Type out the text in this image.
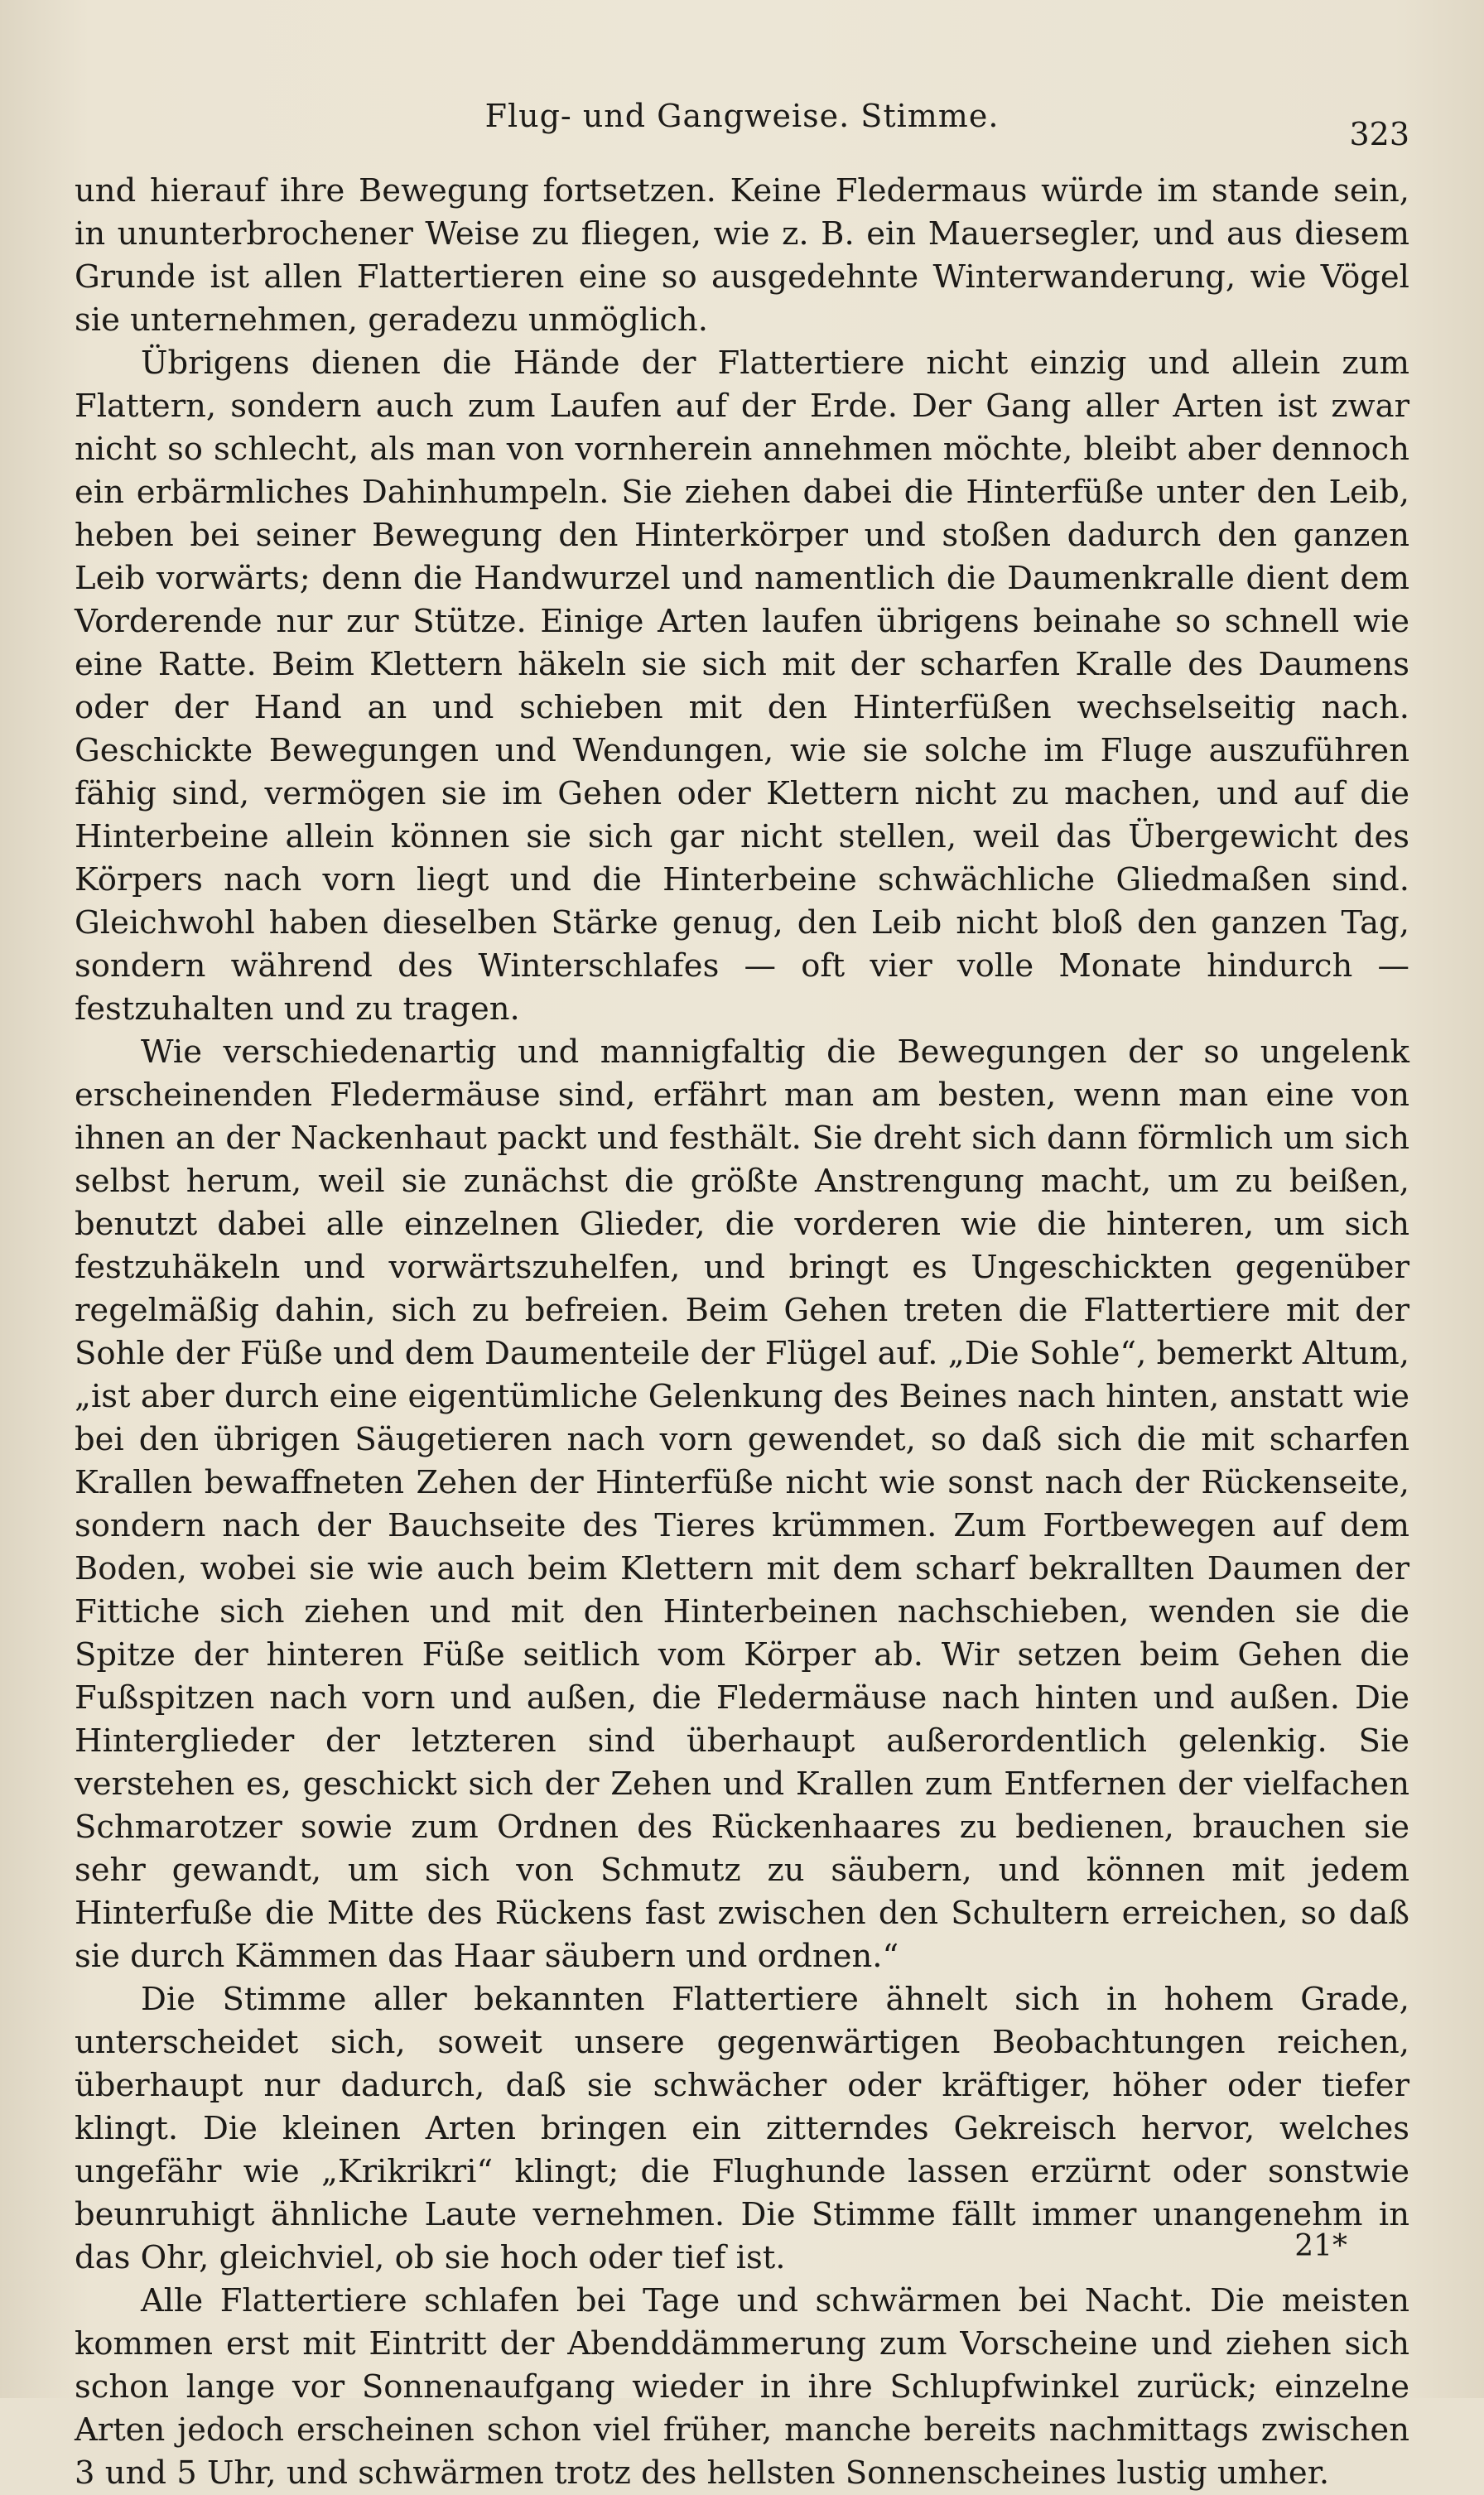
Flug- und Gangweise. Stimme.	323

und hierauf ihre Bewegung fortsetzen. Keine Fledermaus würde im stande sein, in ununterbrochener Weise zu fliegen, wie z. B. ein Mauersegler, und aus diesem Grunde ist allen Flattertieren eine so ausgedehnte Winterwanderung, wie Vögel sie unternehmen, geradezu unmöglich.

Übrigens dienen die Hände der Flattertiere nicht einzig und allein zum Flattern, sondern auch zum Laufen auf der Erde. Der Gang aller Arten ist zwar nicht so schlecht, als man von vornherein annehmen möchte, bleibt aber dennoch ein erbärmliches Dahinhumpeln. Sie ziehen dabei die Hinterfüße unter den Leib, heben bei seiner Bewegung den Hinterkörper und stoßen dadurch den ganzen Leib vorwärts; denn die Handwurzel und namentlich die Daumenkralle dient dem Vorderende nur zur Stütze. Einige Arten laufen übrigens beinahe so schnell wie eine Ratte. Beim Klettern häkeln sie sich mit der scharfen Kralle des Daumens oder der Hand an und schieben mit den Hinterfüßen wechselseitig nach. Geschickte Bewegungen und Wendungen, wie sie solche im Fluge auszuführen fähig sind, vermögen sie im Gehen oder Klettern nicht zu machen, und auf die Hinterbeine allein können sie sich gar nicht stellen, weil das Übergewicht des Körpers nach vorn liegt und die Hinterbeine schwächliche Gliedmaßen sind. Gleichwohl haben dieselben Stärke genug, den Leib nicht bloß den ganzen Tag, sondern während des Winterschlafes — oft vier volle Monate hindurch — festzuhalten und zu tragen.

Wie verschiedenartig und mannigfaltig die Bewegungen der so ungelenk erscheinenden Fledermäuse sind, erfährt man am besten, wenn man eine von ihnen an der Nackenhaut packt und festhält. Sie dreht sich dann förmlich um sich selbst herum, weil sie zunächst die größte Anstrengung macht, um zu beißen, benutzt dabei alle einzelnen Glieder, die vorderen wie die hinteren, um sich festzuhäkeln und vorwärtszuhelfen, und bringt es Ungeschickten gegenüber regelmäßig dahin, sich zu befreien. Beim Gehen treten die Flattertiere mit der Sohle der Füße und dem Daumenteile der Flügel auf. „Die Sohle“, bemerkt Altum, „ist aber durch eine eigentümliche Gelenkung des Beines nach hinten, anstatt wie bei den übrigen Säugetieren nach vorn gewendet, so daß sich die mit scharfen Krallen bewaffneten Zehen der Hinterfüße nicht wie sonst nach der Rückenseite, sondern nach der Bauchseite des Tieres krümmen. Zum Fortbewegen auf dem Boden, wobei sie wie auch beim Klettern mit dem scharf bekrallten Daumen der Fittiche sich ziehen und mit den Hinterbeinen nachschieben, wenden sie die Spitze der hinteren Füße seitlich vom Körper ab. Wir setzen beim Gehen die Fußspitzen nach vorn und außen, die Fledermäuse nach hinten und außen. Die Hinterglieder der letzteren sind überhaupt außerordentlich gelenkig. Sie verstehen es, geschickt sich der Zehen und Krallen zum Entfernen der vielfachen Schmarotzer sowie zum Ordnen des Rückenhaares zu bedienen, brauchen sie sehr gewandt, um sich von Schmutz zu säubern, und können mit jedem Hinterfuße die Mitte des Rückens fast zwischen den Schultern erreichen, so daß sie durch Kämmen das Haar säubern und ordnen.“

Die Stimme aller bekannten Flattertiere ähnelt sich in hohem Grade, unterscheidet sich, soweit unsere gegenwärtigen Beobachtungen reichen, überhaupt nur dadurch, daß sie schwächer oder kräftiger, höher oder tiefer klingt. Die kleinen Arten bringen ein zitterndes Gekreisch hervor, welches ungefähr wie „Krikrikri“ klingt; die Flughunde lassen erzürnt oder sonstwie beunruhigt ähnliche Laute vernehmen. Die Stimme fällt immer unangenehm in das Ohr, gleichviel, ob sie hoch oder tief ist.

Alle Flattertiere schlafen bei Tage und schwärmen bei Nacht. Die meisten kommen erst mit Eintritt der Abenddämmerung zum Vorscheine und ziehen sich schon lange vor Sonnenaufgang wieder in ihre Schlupfwinkel zurück; einzelne Arten jedoch erscheinen schon viel früher, manche bereits nachmittags zwischen 3 und 5 Uhr, und schwärmen trotz des hellsten Sonnenscheines lustig umher.

21*
